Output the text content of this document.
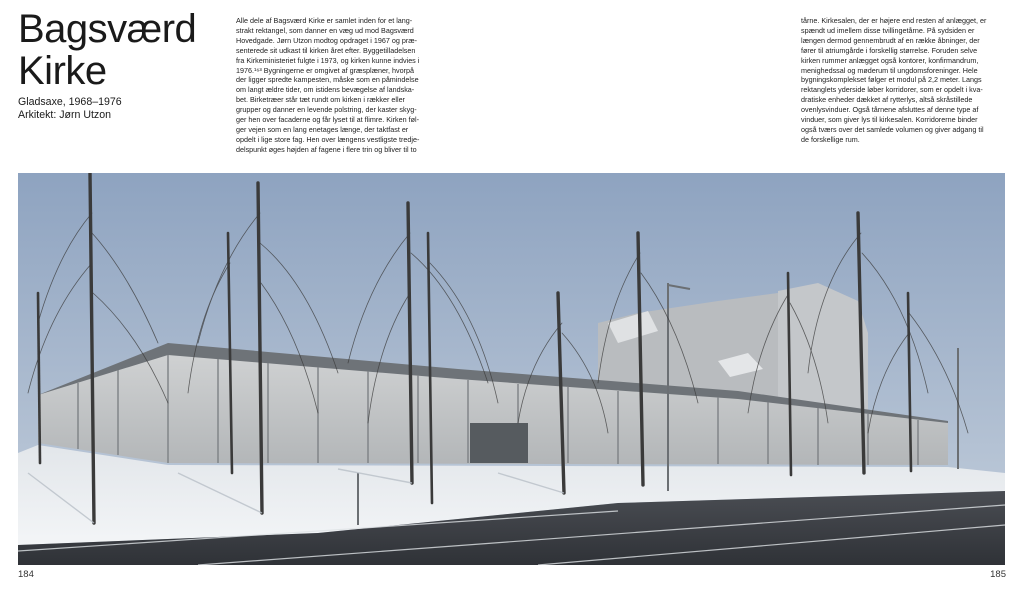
Bagsværd
Kirke
Gladsaxe, 1968–1976
Arkitekt: Jørn Utzon
Alle dele af Bagsværd Kirke er samlet inden for et lang-
strakt rektangel, som danner en væg ud mod Bagsværd
Hovedgade. Jørn Utzon modtog opdraget i 1967 og præ-
senterede sit udkast til kirken året efter. Byggetilladelsen
fra Kirkeministeriet fulgte i 1973, og kirken kunne indvies i
1976.¹⁶³ Bygningerne er omgivet af græsplæner, hvorpå
der ligger spredte kampesten, måske som en påmindelse
om langt ældre tider, om istidens bevægelse af landska-
bet. Birketræer står tæt rundt om kirken i rækker eller
grupper og danner en levende polstring, der kaster skyg-
ger hen over facaderne og får lyset til at flimre. Kirken føl-
ger vejen som en lang enetages længe, der taktfast er
opdelt i lige store fag. Hen over længens vestligste tredje-
delspunkt øges højden af fagene i flere trin og bliver til to
tårne. Kirkesalen, der er højere end resten af anlægget, er
spændt ud imellem disse tvillingetårne. På sydsiden er
længen dermod gennembrudt af en række åbninger, der
fører til atriumgårde i forskellig størrelse. Foruden selve
kirken rummer anlægget også kontorer, konfirmandrum,
menighedssal og møderum til ungdomsforeninger. Hele
bygningskomplekset følger et modul på 2,2 meter. Langs
rektanglets yderside løber korridorer, som er opdelt i kva-
dratiske enheder dækket af rytterlys, altså skråstillede
ovenlysvinduer. Også tårnene afsluttes af denne type af
vinduer, som giver lys til kirkesalen. Korridorerne binder
også tværs over det samlede volumen og giver adgang til
de forskellige rum.
184	185
